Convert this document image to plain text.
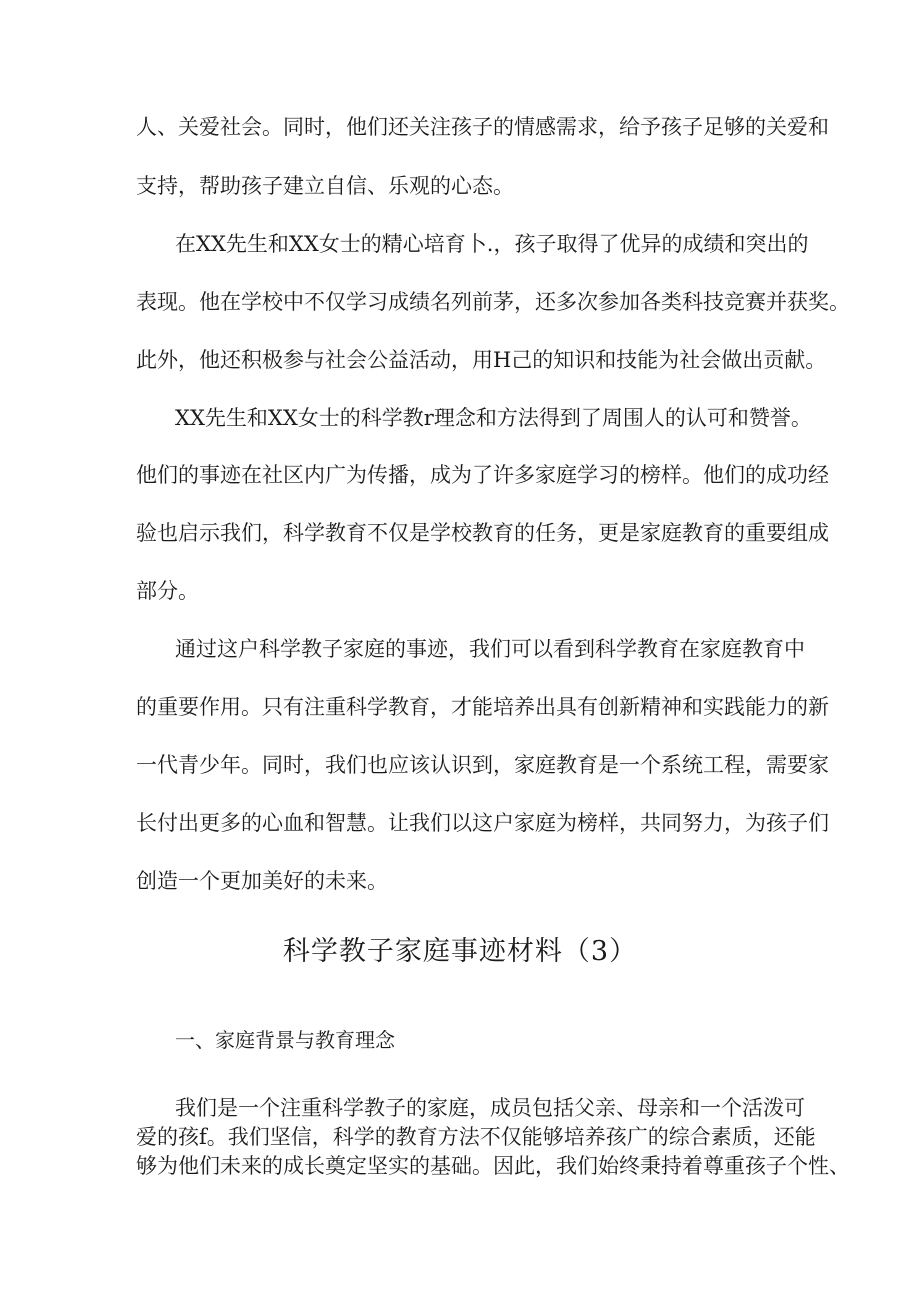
人、关爱社会。同时，他们还关注孩子的情感需求，给予孩子足够的关爱和
支持，帮助孩子建立自信、乐观的心态。
在XX先生和XX女士的精心培育卜.，孩子取得了优异的成绩和突出的
表现。他在学校中不仅学习成绩名列前茅，还多次参加各类科技竞赛并获奖。
此外，他还积极参与社会公益活动，用H己的知识和技能为社会做出贡献。
XX先生和XX女士的科学教r理念和方法得到了周围人的认可和赞誉。
他们的事迹在社区内广为传播，成为了许多家庭学习的榜样。他们的成功经
验也启示我们，科学教育不仅是学校教育的任务，更是家庭教育的重要组成
部分。
通过这户科学教子家庭的事迹，我们可以看到科学教育在家庭教育中
的重要作用。只有注重科学教育，才能培养出具有创新精神和实践能力的新
一代青少年。同时，我们也应该认识到，家庭教育是一个系统工程，需要家
长付出更多的心血和智慧。让我们以这户家庭为榜样，共同努力，为孩子们
创造一个更加美好的未来。
科学教子家庭事迹材料（3）
一、家庭背景与教育理念
我们是一个注重科学教子的家庭，成员包括父亲、母亲和一个活泼可
爱的孩f。我们坚信，科学的教育方法不仅能够培养孩广的综合素质，还能
够为他们未来的成长奠定坚实的基础。因此，我们始终秉持着尊重孩子个性、
